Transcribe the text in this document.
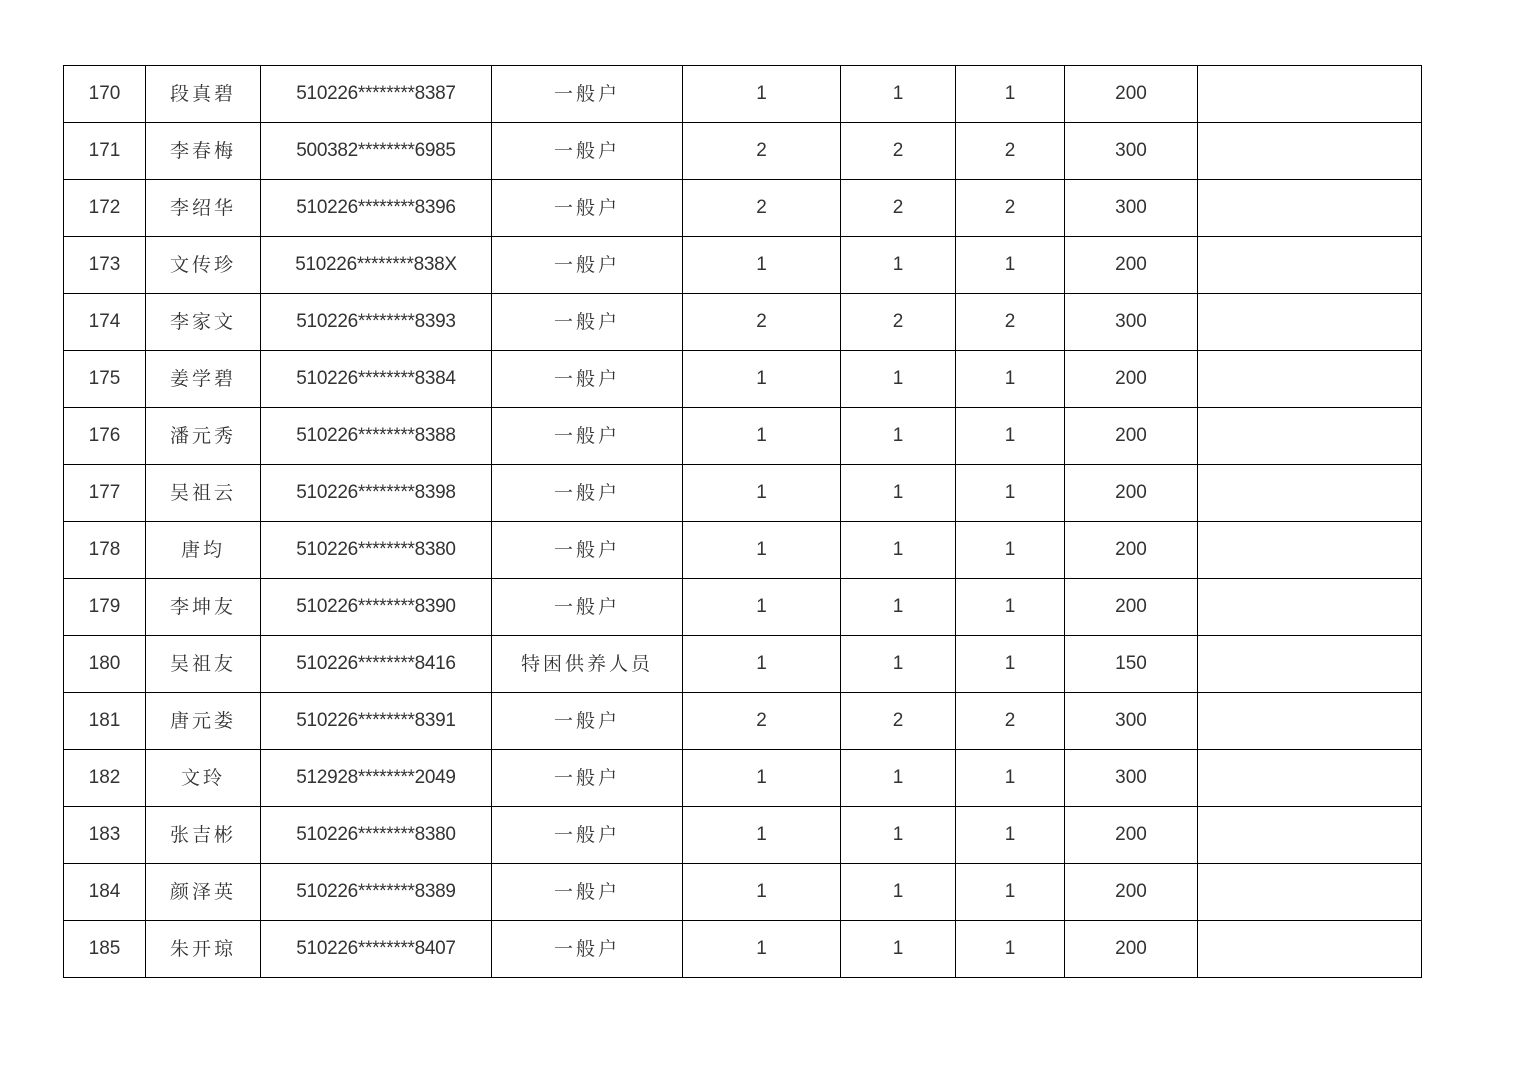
170	段真碧	510226********8387	一般户	1	1	1	200	
171	李春梅	500382********6985	一般户	2	2	2	300	
172	李绍华	510226********8396	一般户	2	2	2	300	
173	文传珍	510226********838X	一般户	1	1	1	200	
174	李家文	510226********8393	一般户	2	2	2	300	
175	姜学碧	510226********8384	一般户	1	1	1	200	
176	潘元秀	510226********8388	一般户	1	1	1	200	
177	吴祖云	510226********8398	一般户	1	1	1	200	
178	唐均	510226********8380	一般户	1	1	1	200	
179	李坤友	510226********8390	一般户	1	1	1	200	
180	吴祖友	510226********8416	特困供养人员	1	1	1	150	
181	唐元娄	510226********8391	一般户	2	2	2	300	
182	文玲	512928********2049	一般户	1	1	1	300	
183	张吉彬	510226********8380	一般户	1	1	1	200	
184	颜泽英	510226********8389	一般户	1	1	1	200	
185	朱开琼	510226********8407	一般户	1	1	1	200	
